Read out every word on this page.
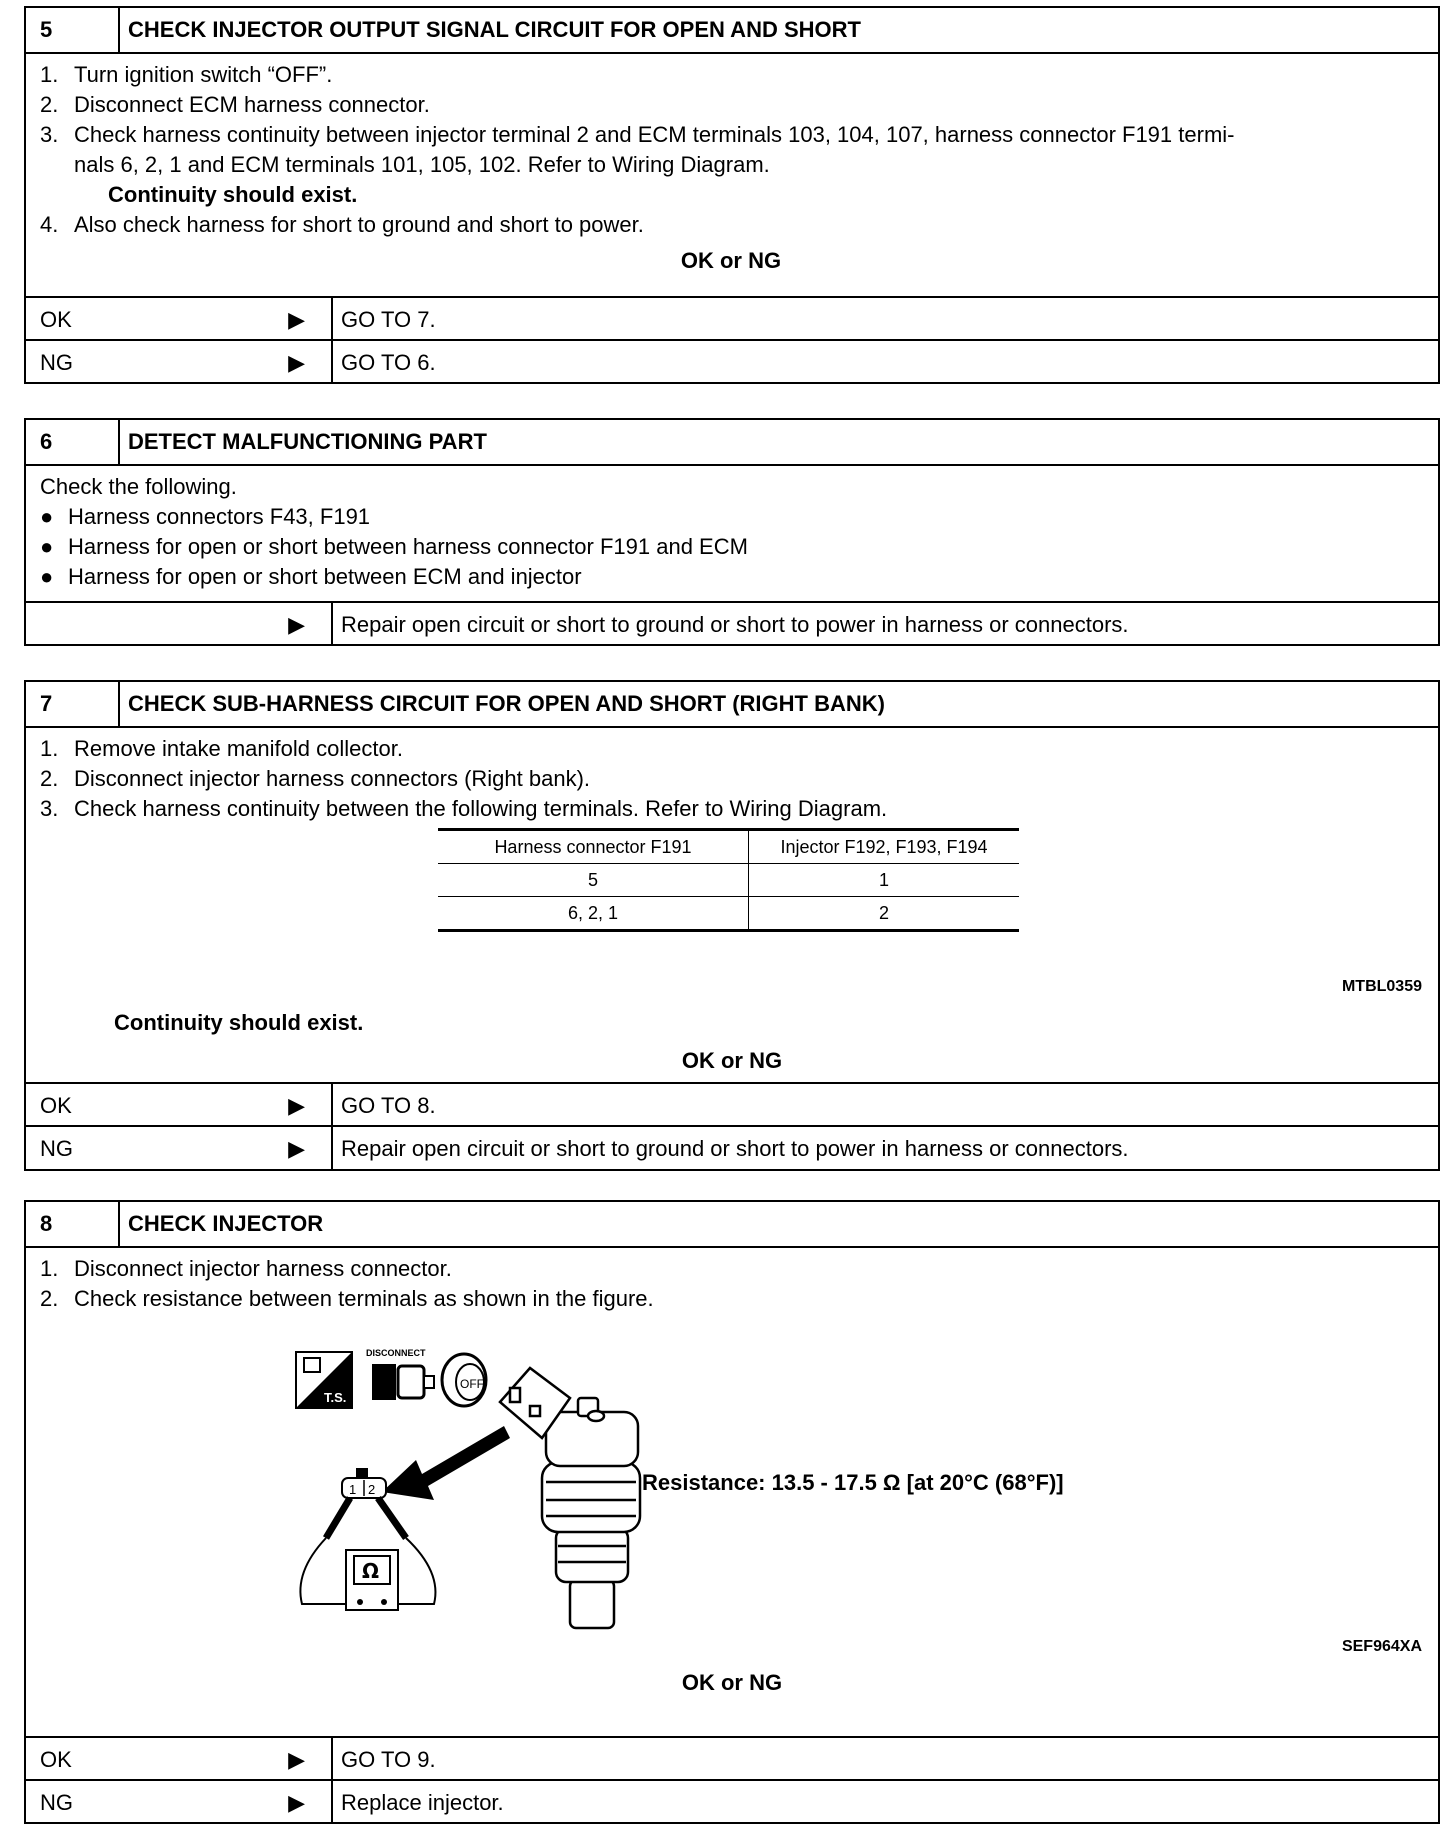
5	CHECK INJECTOR OUTPUT SIGNAL CIRCUIT FOR OPEN AND SHORT
1. Turn ignition switch “OFF”.
2. Disconnect ECM harness connector.
3. Check harness continuity between injector terminal 2 and ECM terminals 103, 104, 107, harness connector F191 termi-
nals 6, 2, 1 and ECM terminals 101, 105, 102. Refer to Wiring Diagram.
Continuity should exist.
4. Also check harness for short to ground and short to power.
OK or NG
OK	▶	GO TO 7.
NG	▶	GO TO 6.
6	DETECT MALFUNCTIONING PART
Check the following.
● Harness connectors F43, F191
● Harness for open or short between harness connector F191 and ECM
● Harness for open or short between ECM and injector
▶	Repair open circuit or short to ground or short to power in harness or connectors.
7	CHECK SUB-HARNESS CIRCUIT FOR OPEN AND SHORT (RIGHT BANK)
1. Remove intake manifold collector.
2. Disconnect injector harness connectors (Right bank).
3. Check harness continuity between the following terminals. Refer to Wiring Diagram.
Harness connector F191	Injector F192, F193, F194
5	1
6, 2, 1	2
MTBL0359
Continuity should exist.
OK or NG
OK	▶	GO TO 8.
NG	▶	Repair open circuit or short to ground or short to power in harness or connectors.
8	CHECK INJECTOR
1. Disconnect injector harness connector.
2. Check resistance between terminals as shown in the figure.
T.S.
DISCONNECT
OFF
1 2
Ω
Resistance: 13.5 - 17.5 Ω [at 20°C (68°F)]
SEF964XA
OK or NG
OK	▶	GO TO 9.
NG	▶	Replace injector.
